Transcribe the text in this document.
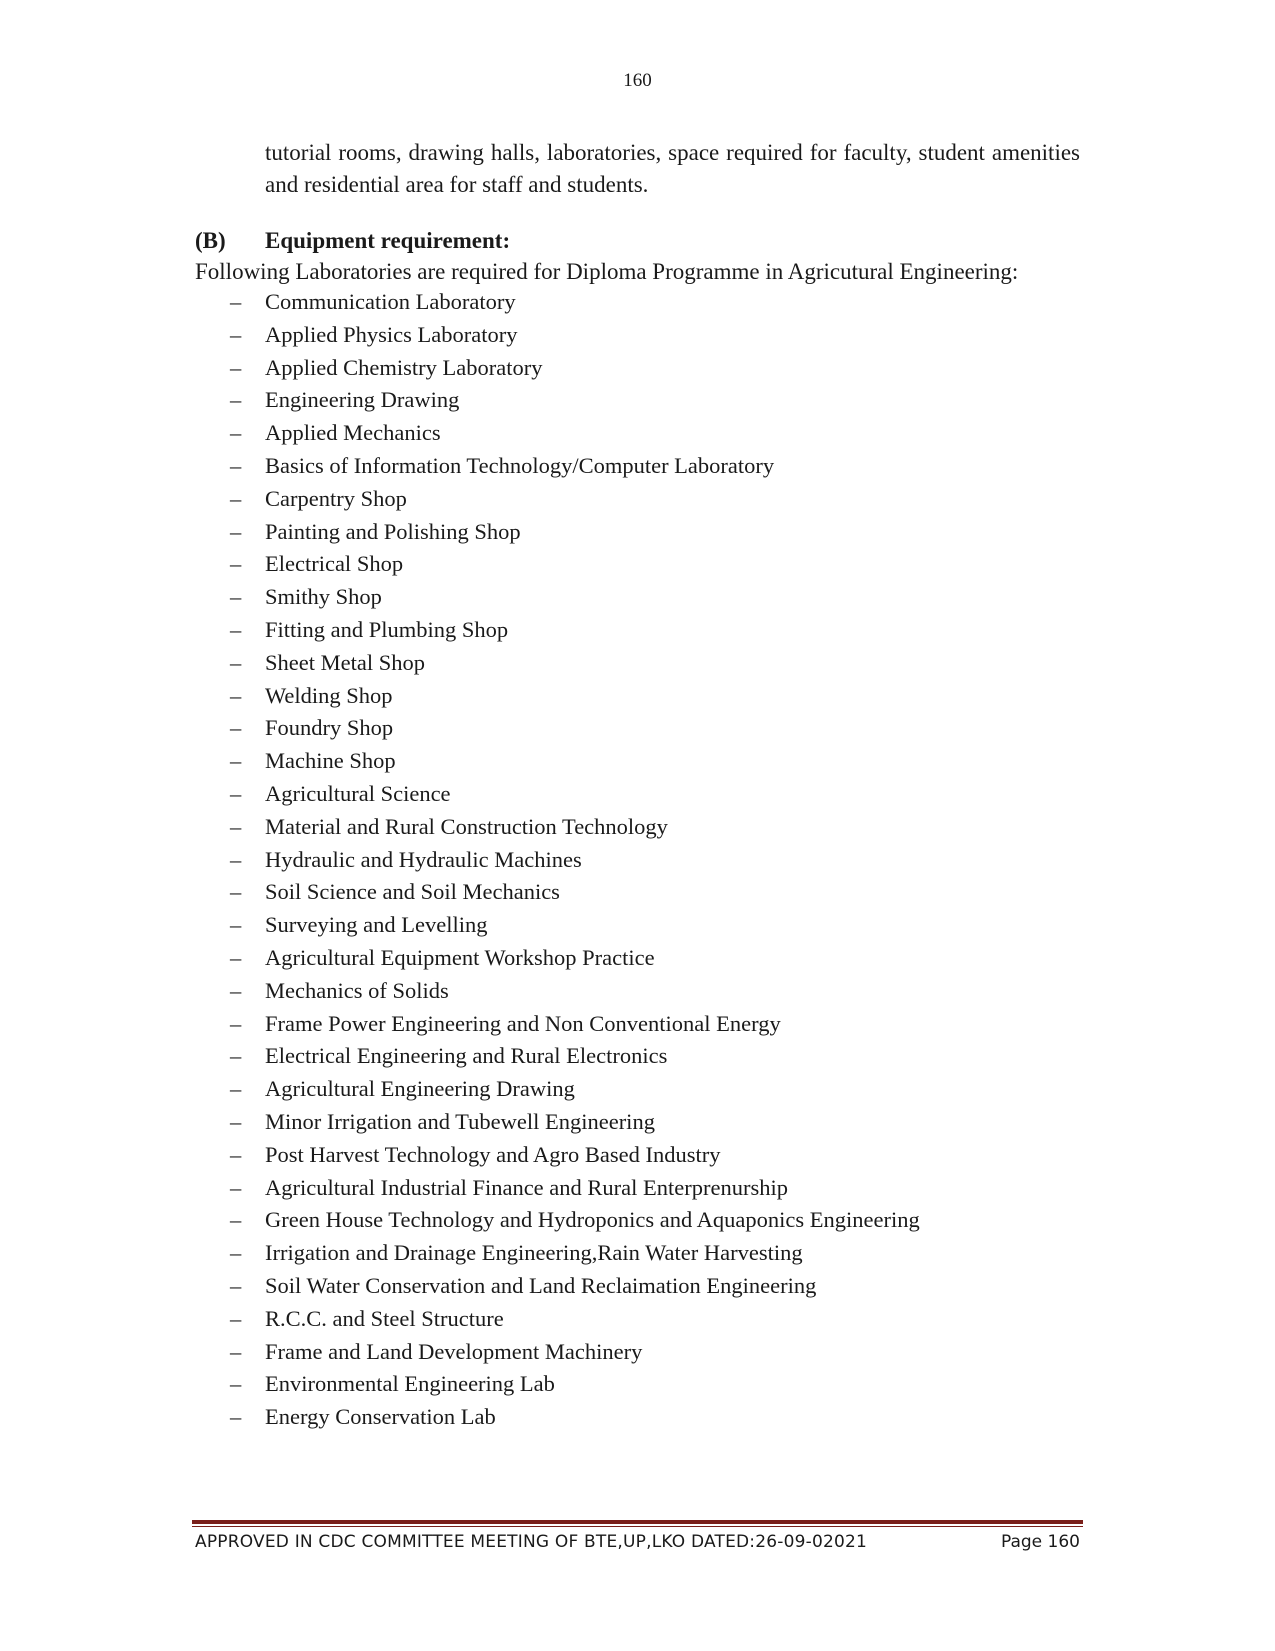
160

tutorial rooms, drawing halls, laboratories, space required for faculty, student amenities and residential area for staff and students.

(B) Equipment requirement:
Following Laboratories are required for Diploma Programme in Agricutural Engineering:
– Communication Laboratory
– Applied Physics Laboratory
– Applied Chemistry Laboratory
– Engineering Drawing
– Applied Mechanics
– Basics of Information Technology/Computer Laboratory
– Carpentry Shop
– Painting and Polishing Shop
– Electrical Shop
– Smithy Shop
– Fitting and Plumbing Shop
– Sheet Metal Shop
– Welding Shop
– Foundry Shop
– Machine Shop
– Agricultural Science
– Material and Rural Construction Technology
– Hydraulic and Hydraulic Machines
– Soil Science and Soil Mechanics
– Surveying and Levelling
– Agricultural Equipment Workshop Practice
– Mechanics of Solids
– Frame Power Engineering and Non Conventional Energy
– Electrical Engineering and Rural Electronics
– Agricultural Engineering Drawing
– Minor Irrigation and Tubewell Engineering
– Post Harvest Technology and Agro Based Industry
– Agricultural Industrial Finance and Rural Enterprenurship
– Green House Technology and Hydroponics and Aquaponics Engineering
– Irrigation and Drainage Engineering,Rain Water Harvesting
– Soil Water Conservation and Land Reclaimation Engineering
– R.C.C. and Steel Structure
– Frame and Land Development Machinery
– Environmental Engineering Lab
– Energy Conservation Lab
APPROVED IN CDC COMMITTEE MEETING OF BTE,UP,LKO DATED:26-09-02021	Page 160
